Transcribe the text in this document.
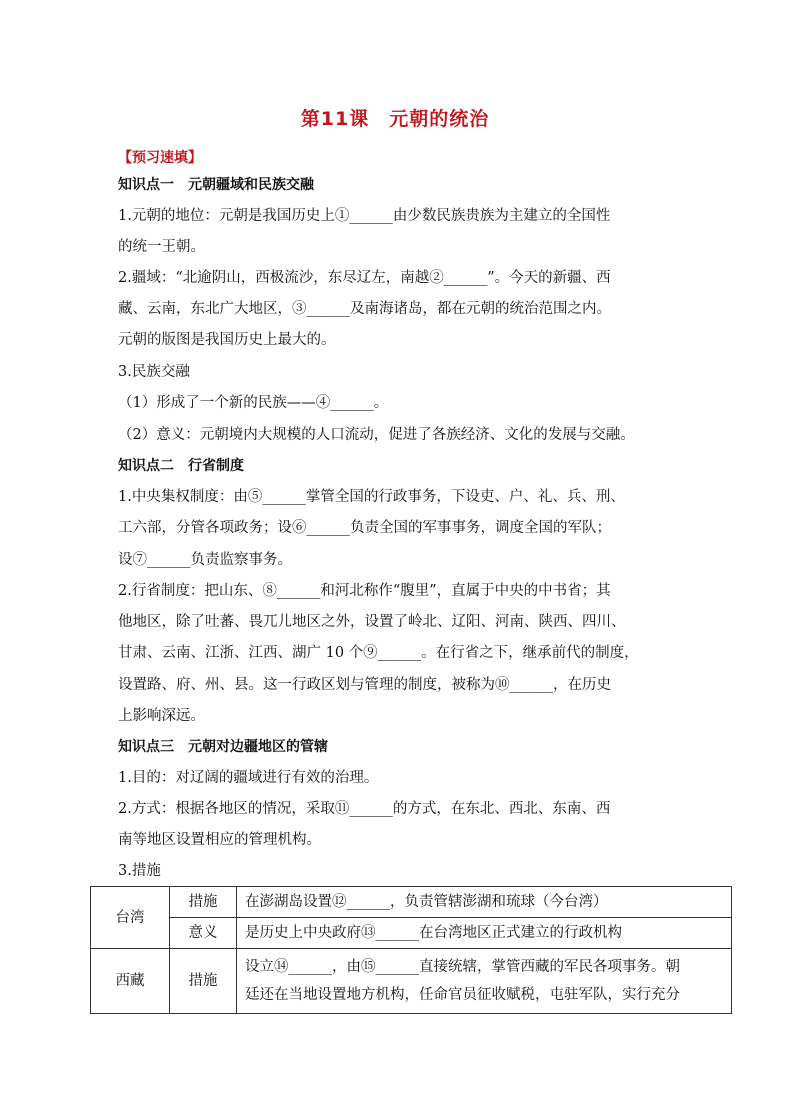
第11课　元朝的统治
【预习速填】
知识点一　元朝疆域和民族交融
1.元朝的地位：元朝是我国历史上①______由少数民族贵族为主建立的全国性
的统一王朝。
2.疆域：“北逾阴山，西极流沙，东尽辽左，南越②______”。今天的新疆、西
藏、云南，东北广大地区，③______及南海诸岛，都在元朝的统治范围之内。
元朝的版图是我国历史上最大的。
3.民族交融
（1）形成了一个新的民族——④______。
（2）意义：元朝境内大规模的人口流动，促进了各族经济、文化的发展与交融。
知识点二　行省制度
1.中央集权制度：由⑤______掌管全国的行政事务，下设吏、户、礼、兵、刑、
工六部，分管各项政务；设⑥______负责全国的军事事务，调度全国的军队；
设⑦______负责监察事务。
2.行省制度：把山东、⑧______和河北称作“腹里”，直属于中央的中书省；其
他地区，除了吐蕃、畏兀儿地区之外，设置了岭北、辽阳、河南、陕西、四川、
甘肃、云南、江浙、江西、湖广 10 个⑨______。在行省之下，继承前代的制度，
设置路、府、州、县。这一行政区划与管理的制度，被称为⑩______，在历史
上影响深远。
知识点三　元朝对边疆地区的管辖
1.目的：对辽阔的疆域进行有效的治理。
2.方式：根据各地区的情况，采取⑪______的方式，在东北、西北、东南、西
南等地区设置相应的管理机构。
3.措施
台湾	措施	在澎湖岛设置⑫______，负责管辖澎湖和琉球（今台湾）
	意义	是历史上中央政府⑬______在台湾地区正式建立的行政机构
西藏	措施	设立⑭______，由⑮______直接统辖，掌管西藏的军民各项事务。朝
廷还在当地设置地方机构，任命官员征收赋税，屯驻军队，实行充分
